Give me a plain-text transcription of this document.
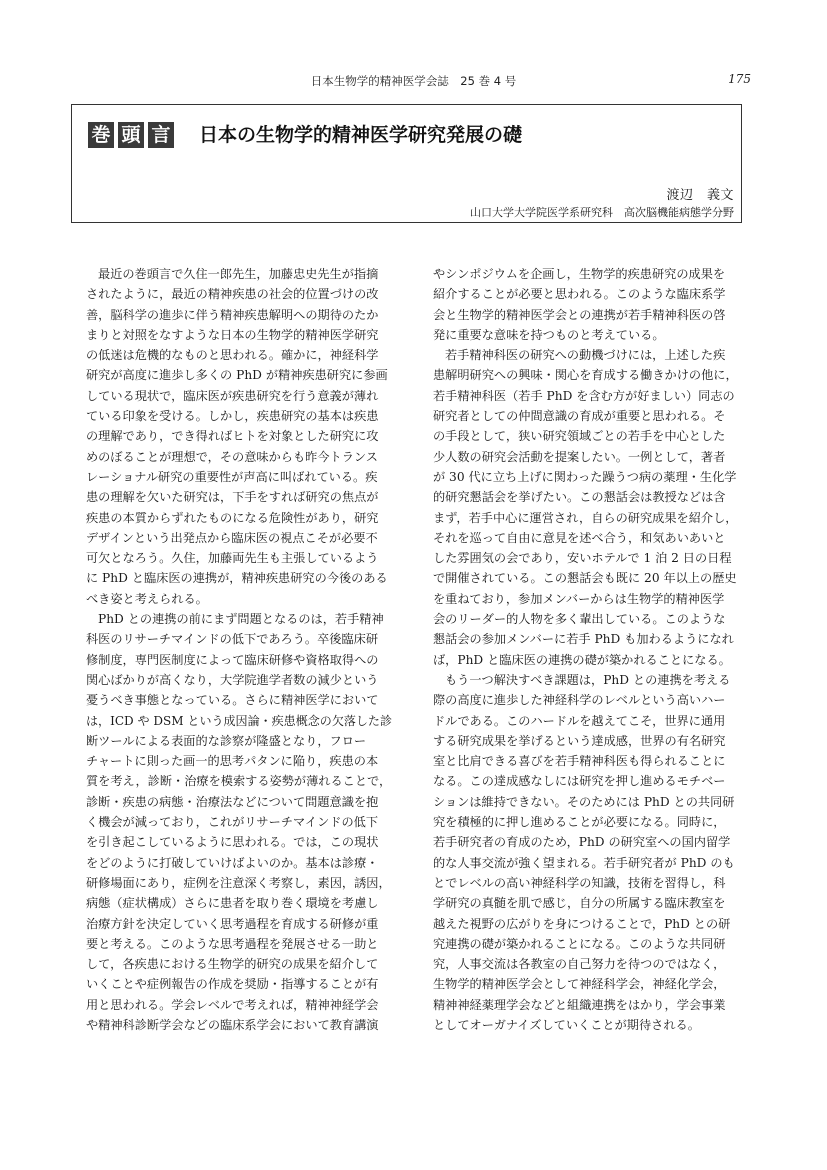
日本生物学的精神医学会誌　25 巻 4 号	175
巻 頭 言 日本の生物学的精神医学研究発展の礎
渡辺　義文
山口大学大学院医学系研究科　高次脳機能病態学分野
最近の巻頭言で久住一郎先生，加藤忠史先生が指摘
されたように，最近の精神疾患の社会的位置づけの改
善，脳科学の進歩に伴う精神疾患解明への期待のたか
まりと対照をなすような日本の生物学的精神医学研究
の低迷は危機的なものと思われる。確かに，神経科学
研究が高度に進歩し多くの PhD が精神疾患研究に参画
している現状で，臨床医が疾患研究を行う意義が薄れ
ている印象を受ける。しかし，疾患研究の基本は疾患
の理解であり，でき得ればヒトを対象とした研究に攻
めのぼることが理想で，その意味からも昨今トランス
レーショナル研究の重要性が声高に叫ばれている。疾
患の理解を欠いた研究は，下手をすれば研究の焦点が
疾患の本質からずれたものになる危険性があり，研究
デザインという出発点から臨床医の視点こそが必要不
可欠となろう。久住，加藤両先生も主張しているよう
に PhD と臨床医の連携が，精神疾患研究の今後のある
べき姿と考えられる。
PhD との連携の前にまず問題となるのは，若手精神
科医のリサーチマインドの低下であろう。卒後臨床研
修制度，専門医制度によって臨床研修や資格取得への
関心ばかりが高くなり，大学院進学者数の減少という
憂うべき事態となっている。さらに精神医学において
は，ICD や DSM という成因論・疾患概念の欠落した診
断ツールによる表面的な診察が隆盛となり，フロー
チャートに則った画一的思考パタンに陥り，疾患の本
質を考え，診断・治療を模索する姿勢が薄れることで，
診断・疾患の病態・治療法などについて問題意識を抱
く機会が減っており，これがリサーチマインドの低下
を引き起こしているように思われる。では，この現状
をどのように打破していけばよいのか。基本は診療・
研修場面にあり，症例を注意深く考察し，素因，誘因，
病態（症状構成）さらに患者を取り巻く環境を考慮し
治療方針を決定していく思考過程を育成する研修が重
要と考える。このような思考過程を発展させる一助と
して，各疾患における生物学的研究の成果を紹介して
いくことや症例報告の作成を奨励・指導することが有
用と思われる。学会レベルで考えれば，精神神経学会
や精神科診断学会などの臨床系学会において教育講演
やシンポジウムを企画し，生物学的疾患研究の成果を
紹介することが必要と思われる。このような臨床系学
会と生物学的精神医学会との連携が若手精神科医の啓
発に重要な意味を持つものと考えている。
若手精神科医の研究への動機づけには，上述した疾
患解明研究への興味・関心を育成する働きかけの他に，
若手精神科医（若手 PhD を含む方が好ましい）同志の
研究者としての仲間意識の育成が重要と思われる。そ
の手段として，狭い研究領域ごとの若手を中心とした
少人数の研究会活動を提案したい。一例として，著者
が 30 代に立ち上げに関わった躁うつ病の薬理・生化学
的研究懇話会を挙げたい。この懇話会は教授などは含
まず，若手中心に運営され，自らの研究成果を紹介し，
それを巡って自由に意見を述べ合う，和気あいあいと
した雰囲気の会であり，安いホテルで 1 泊 2 日の日程
で開催されている。この懇話会も既に 20 年以上の歴史
を重ねており，参加メンバーからは生物学的精神医学
会のリーダー的人物を多く輩出している。このような
懇話会の参加メンバーに若手 PhD も加わるようになれ
ば，PhD と臨床医の連携の礎が築かれることになる。
もう一つ解決すべき課題は，PhD との連携を考える
際の高度に進歩した神経科学のレベルという高いハー
ドルである。このハードルを越えてこそ，世界に通用
する研究成果を挙げるという達成感，世界の有名研究
室と比肩できる喜びを若手精神科医も得られることに
なる。この達成感なしには研究を押し進めるモチベー
ションは維持できない。そのためには PhD との共同研
究を積極的に押し進めることが必要になる。同時に，
若手研究者の育成のため，PhD の研究室への国内留学
的な人事交流が強く望まれる。若手研究者が PhD のも
とでレベルの高い神経科学の知識，技術を習得し，科
学研究の真髄を肌で感じ，自分の所属する臨床教室を
越えた視野の広がりを身につけることで，PhD との研
究連携の礎が築かれることになる。このような共同研
究，人事交流は各教室の自己努力を待つのではなく，
生物学的精神医学会として神経科学会，神経化学会，
精神神経薬理学会などと組織連携をはかり，学会事業
としてオーガナイズしていくことが期待される。
